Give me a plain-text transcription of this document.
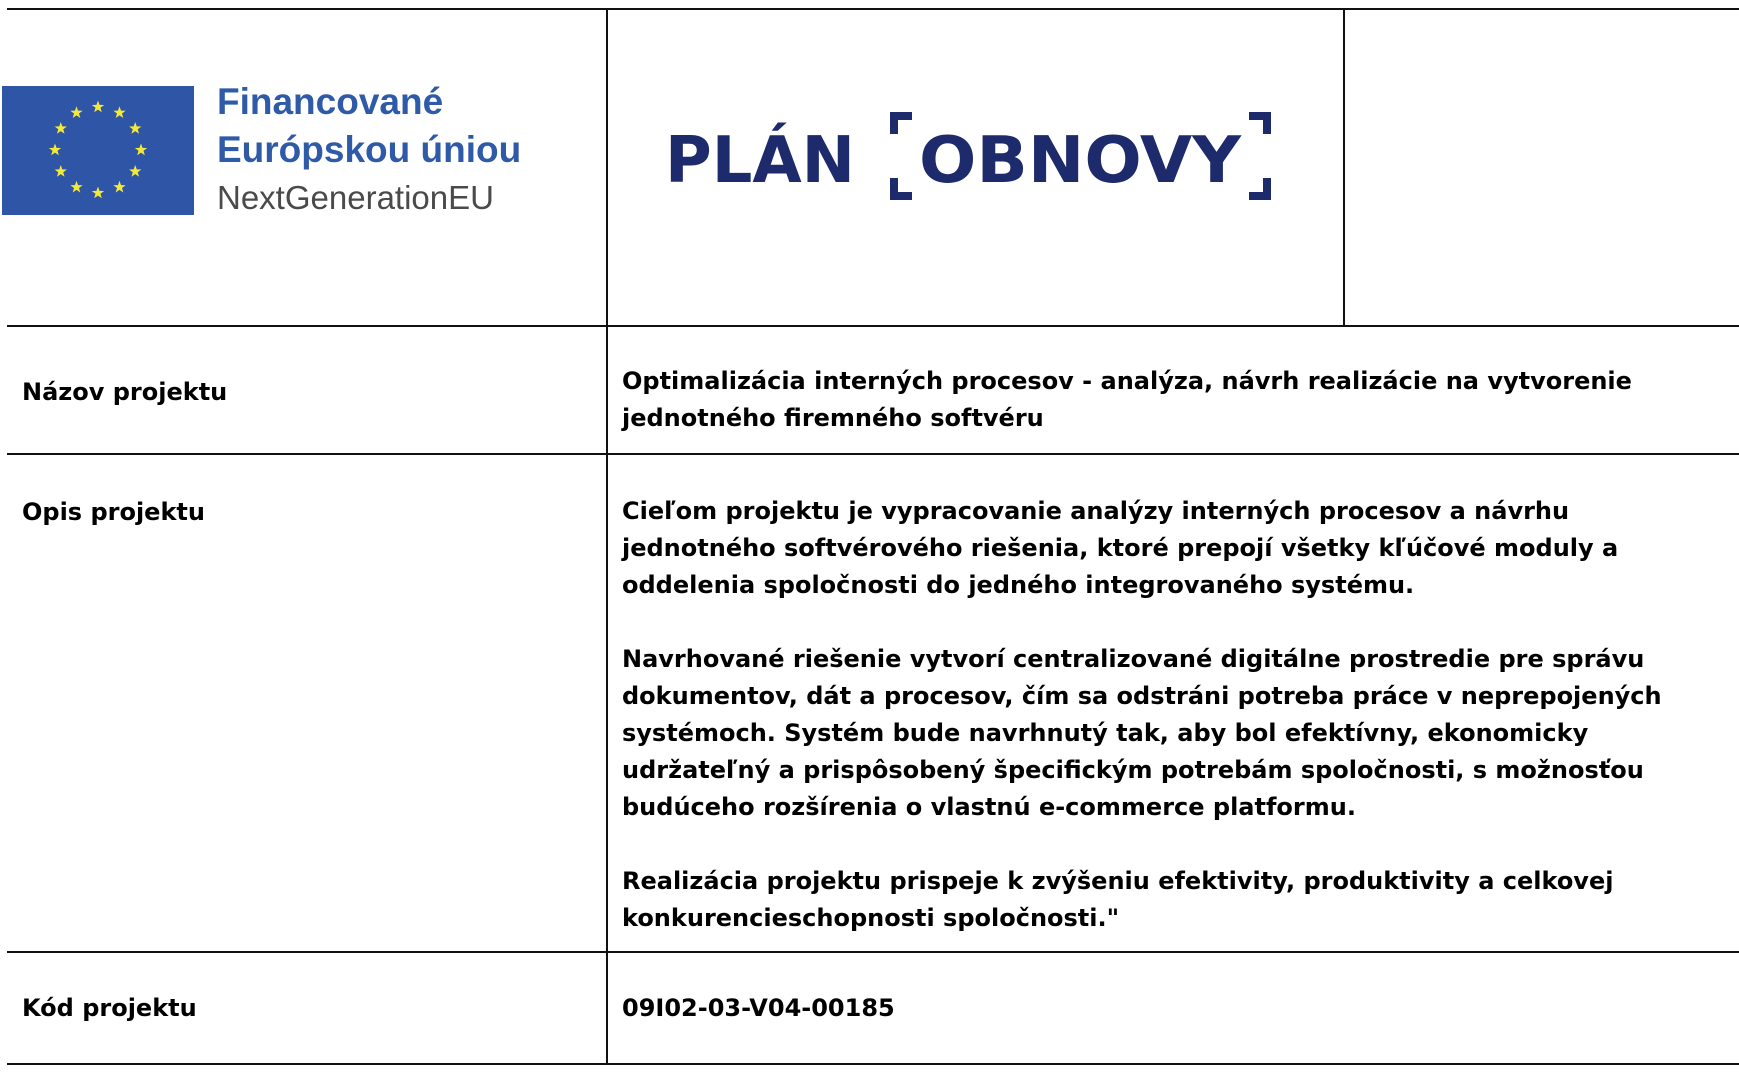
Financované
Európskou úniou
NextGenerationEU	PLÁN OBNOVY
Názov projektu	Optimalizácia interných procesov - analýza, návrh realizácie na vytvorenie jednotného firemného softvéru

Opis projektu	Cieľom projektu je vypracovanie analýzy interných procesov a návrhu jednotného softvérového riešenia, ktoré prepojí všetky kľúčové moduly a oddelenia spoločnosti do jedného integrovaného systému.

Navrhované riešenie vytvorí centralizované digitálne prostredie pre správu dokumentov, dát a procesov, čím sa odstráni potreba práce v neprepojených systémoch. Systém bude navrhnutý tak, aby bol efektívny, ekonomicky udržateľný a prispôsobený špecifickým potrebám spoločnosti, s možnosťou budúceho rozšírenia o vlastnú e-commerce platformu.

Realizácia projektu prispeje k zvýšeniu efektivity, produktivity a celkovej konkurencieschopnosti spoločnosti."

Kód projektu	09I02-03-V04-00185
